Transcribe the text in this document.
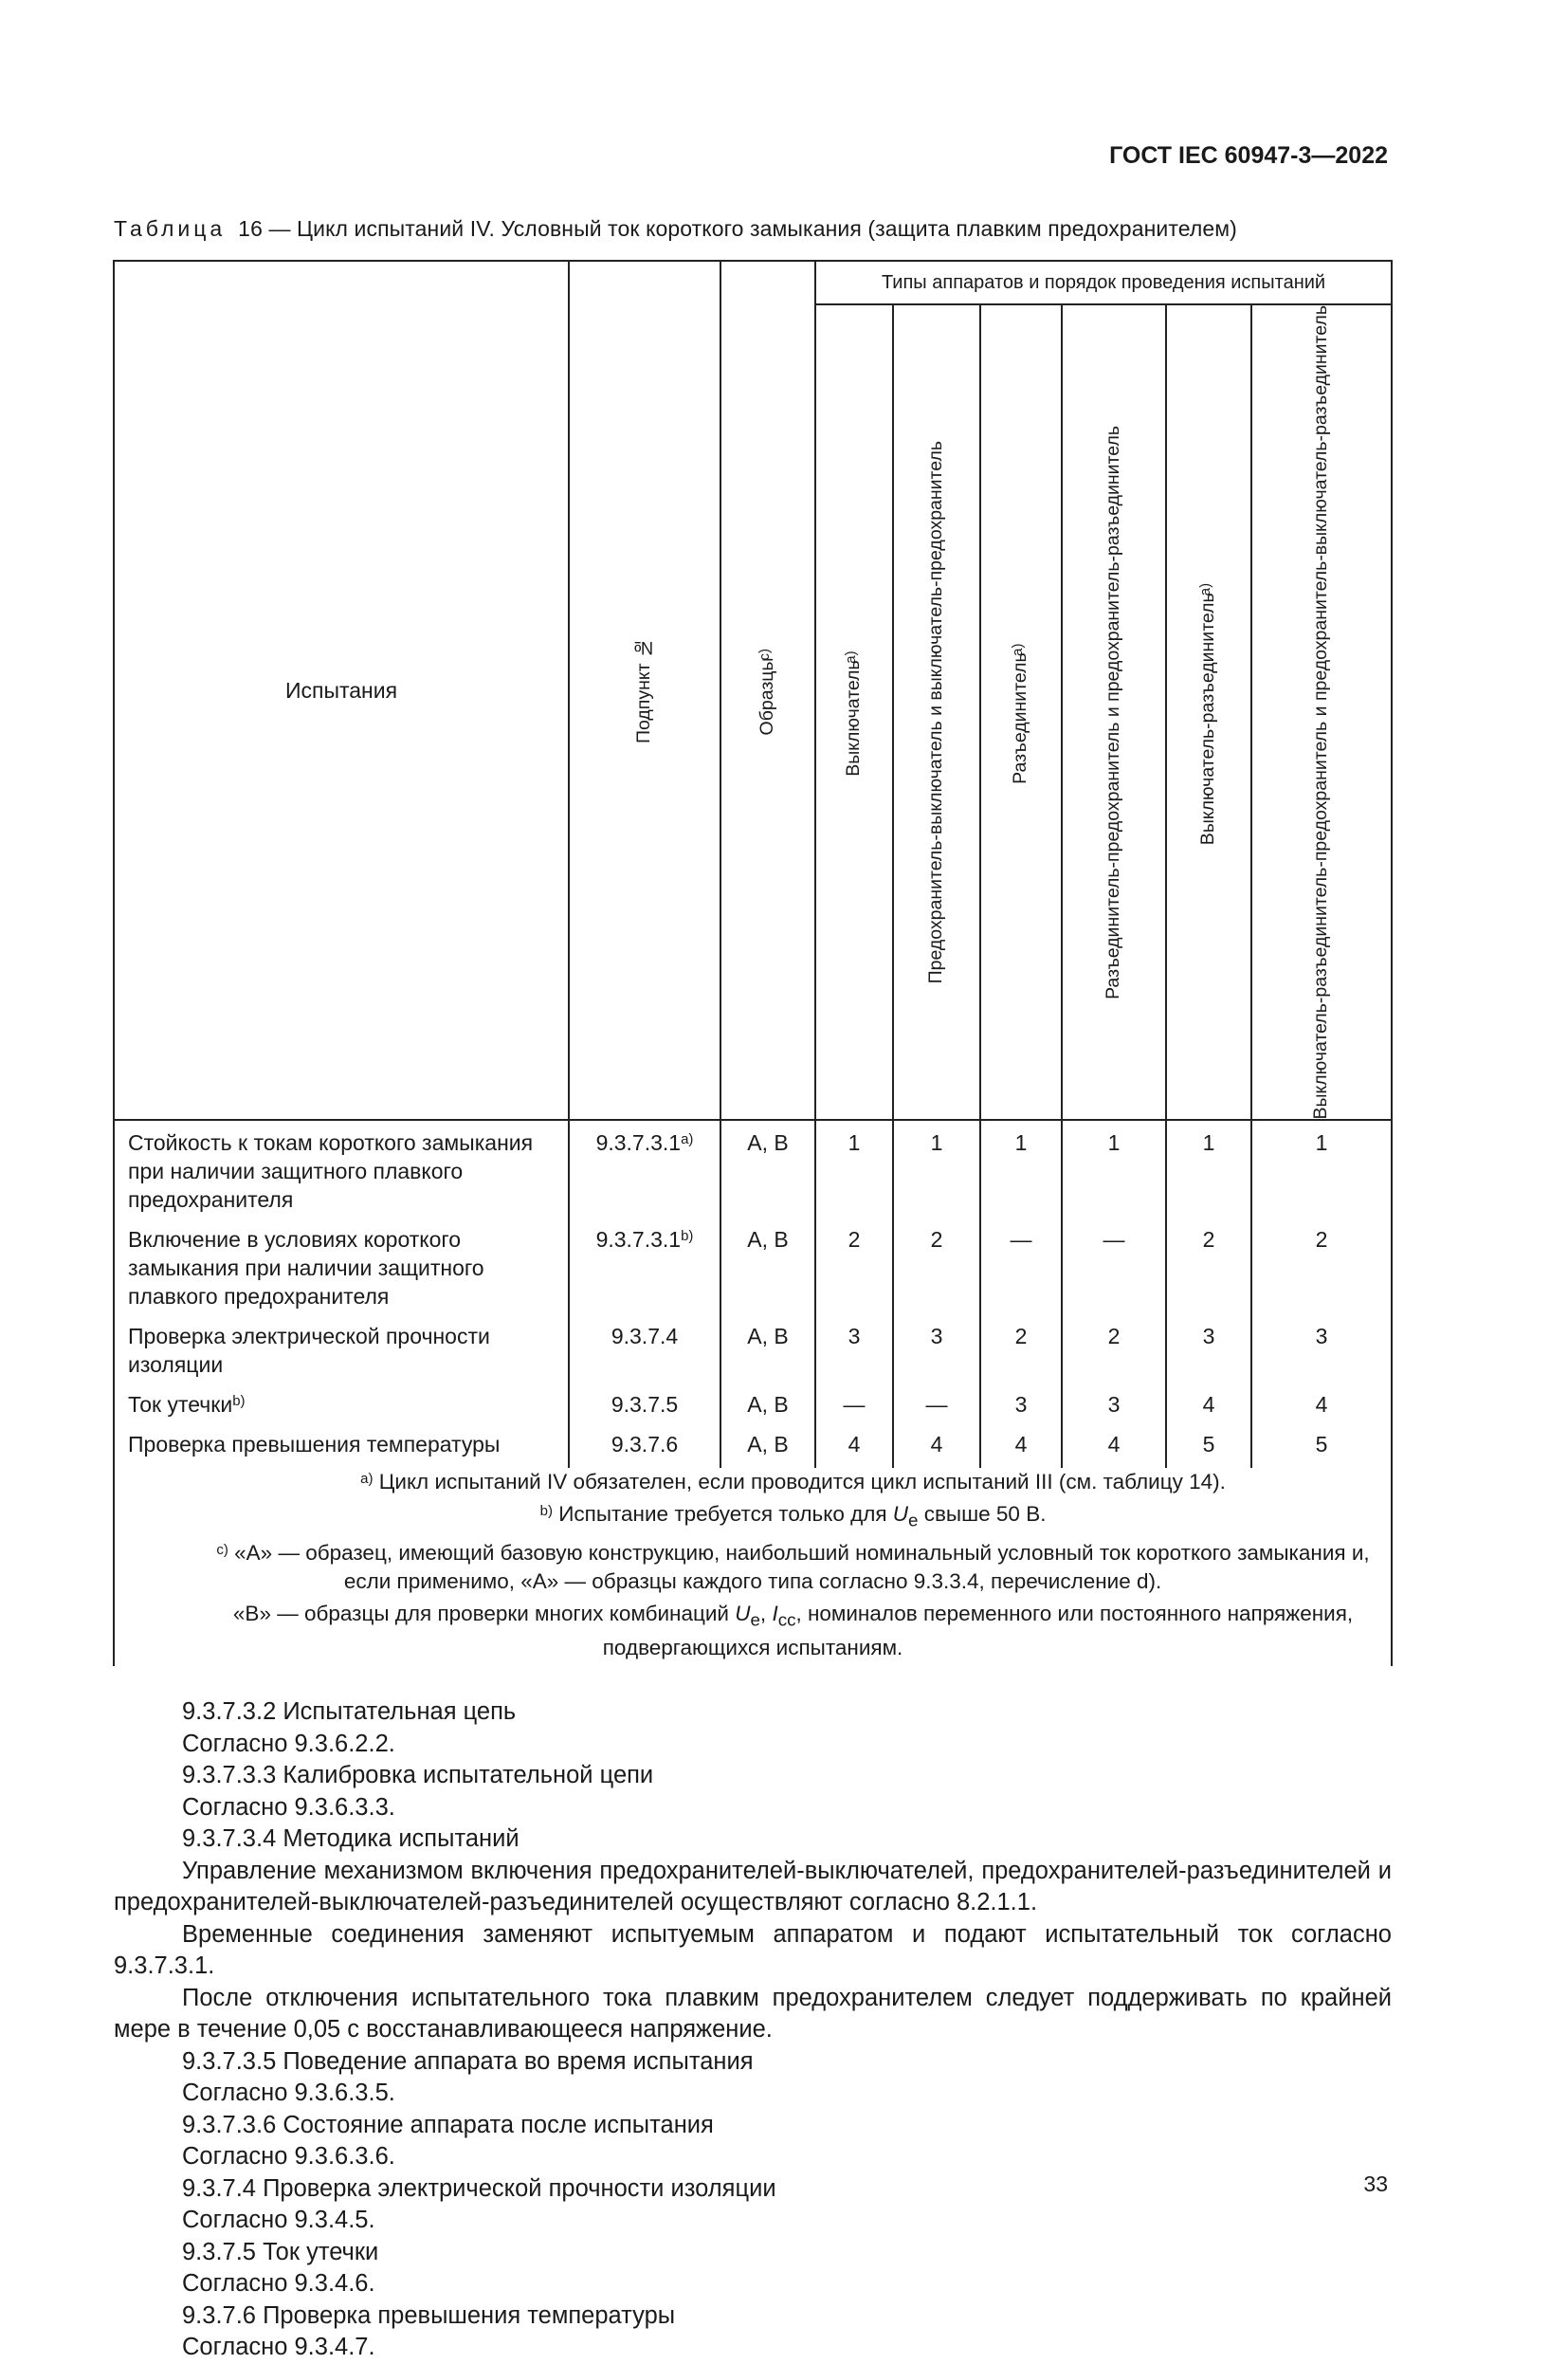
ГОСТ IEC 60947-3—2022
Таблица 16 — Цикл испытаний IV. Условный ток короткого замыкания (защита плавким предохранителем)
Испытания	Подпункт №	Образцы$^{c)}$	Типы аппаратов и порядок проведения испытаний					

			Выключатель$^{a)}$	Предохранитель-выключатель и выключатель-предохранитель	Разъединитель$^{a)}$	Разъединитель-предохранитель и предохранитель-разъединитель	Выключатель-разъединитель$^{a)}$	Выключатель-разъединитель-предохранитель и предохранитель-выключатель-разъединитель

Стойкость к токам короткого замыкания при наличии защитного плавкого предохранителя	9.3.7.3.1$^{a)}$	A, B	1	1	1	1	1	1
Включение в условиях короткого замыкания при наличии защитного плавкого предохранителя	9.3.7.3.1$^{b)}$	A, B	2	2	—	—	2	2
Проверка электрической прочности изоляции	9.3.7.4	A, B	3	3	2	2	3	3
Ток утечки$^{b)}$	9.3.7.5	A, B	—	—	3	3	4	4
Проверка превышения температуры	9.3.7.6	A, B	4	4	4	4	5	5

$^{a)}$ Цикл испытаний IV обязателен, если проводится цикл испытаний III (см. таблицу 14).

$^{b)}$ Испытание требуется только для $U_e$ свыше 50 В.

$^{c)}$ «А» — образец, имеющий базовую конструкцию, наибольший номинальный условный ток короткого замыкания и, если применимо, «А» — образцы каждого типа согласно 9.3.3.4, перечисление d).

«В» — образцы для проверки многих комбинаций $U_e$, $I_{cc}$, номиналов переменного или постоянного напряжения, подвергающихся испытаниям.								

9.3.7.3.2 Испытательная цепь

Согласно 9.3.6.2.2.

9.3.7.3.3 Калибровка испытательной цепи

Согласно 9.3.6.3.3.

9.3.7.3.4 Методика испытаний

Управление механизмом включения предохранителей-выключателей, предохранителей-разъединителей и предохранителей-выключателей-разъединителей осуществляют согласно 8.2.1.1.

Временные соединения заменяют испытуемым аппаратом и подают испытательный ток согласно 9.3.7.3.1.

После отключения испытательного тока плавким предохранителем следует поддерживать по крайней мере в течение 0,05 с восстанавливающееся напряжение.

9.3.7.3.5 Поведение аппарата во время испытания

Согласно 9.3.6.3.5.

9.3.7.3.6 Состояние аппарата после испытания

Согласно 9.3.6.3.6.

9.3.7.4 Проверка электрической прочности изоляции

Согласно 9.3.4.5.

9.3.7.5 Ток утечки

Согласно 9.3.4.6.

9.3.7.6 Проверка превышения температуры

Согласно 9.3.4.7.

33
